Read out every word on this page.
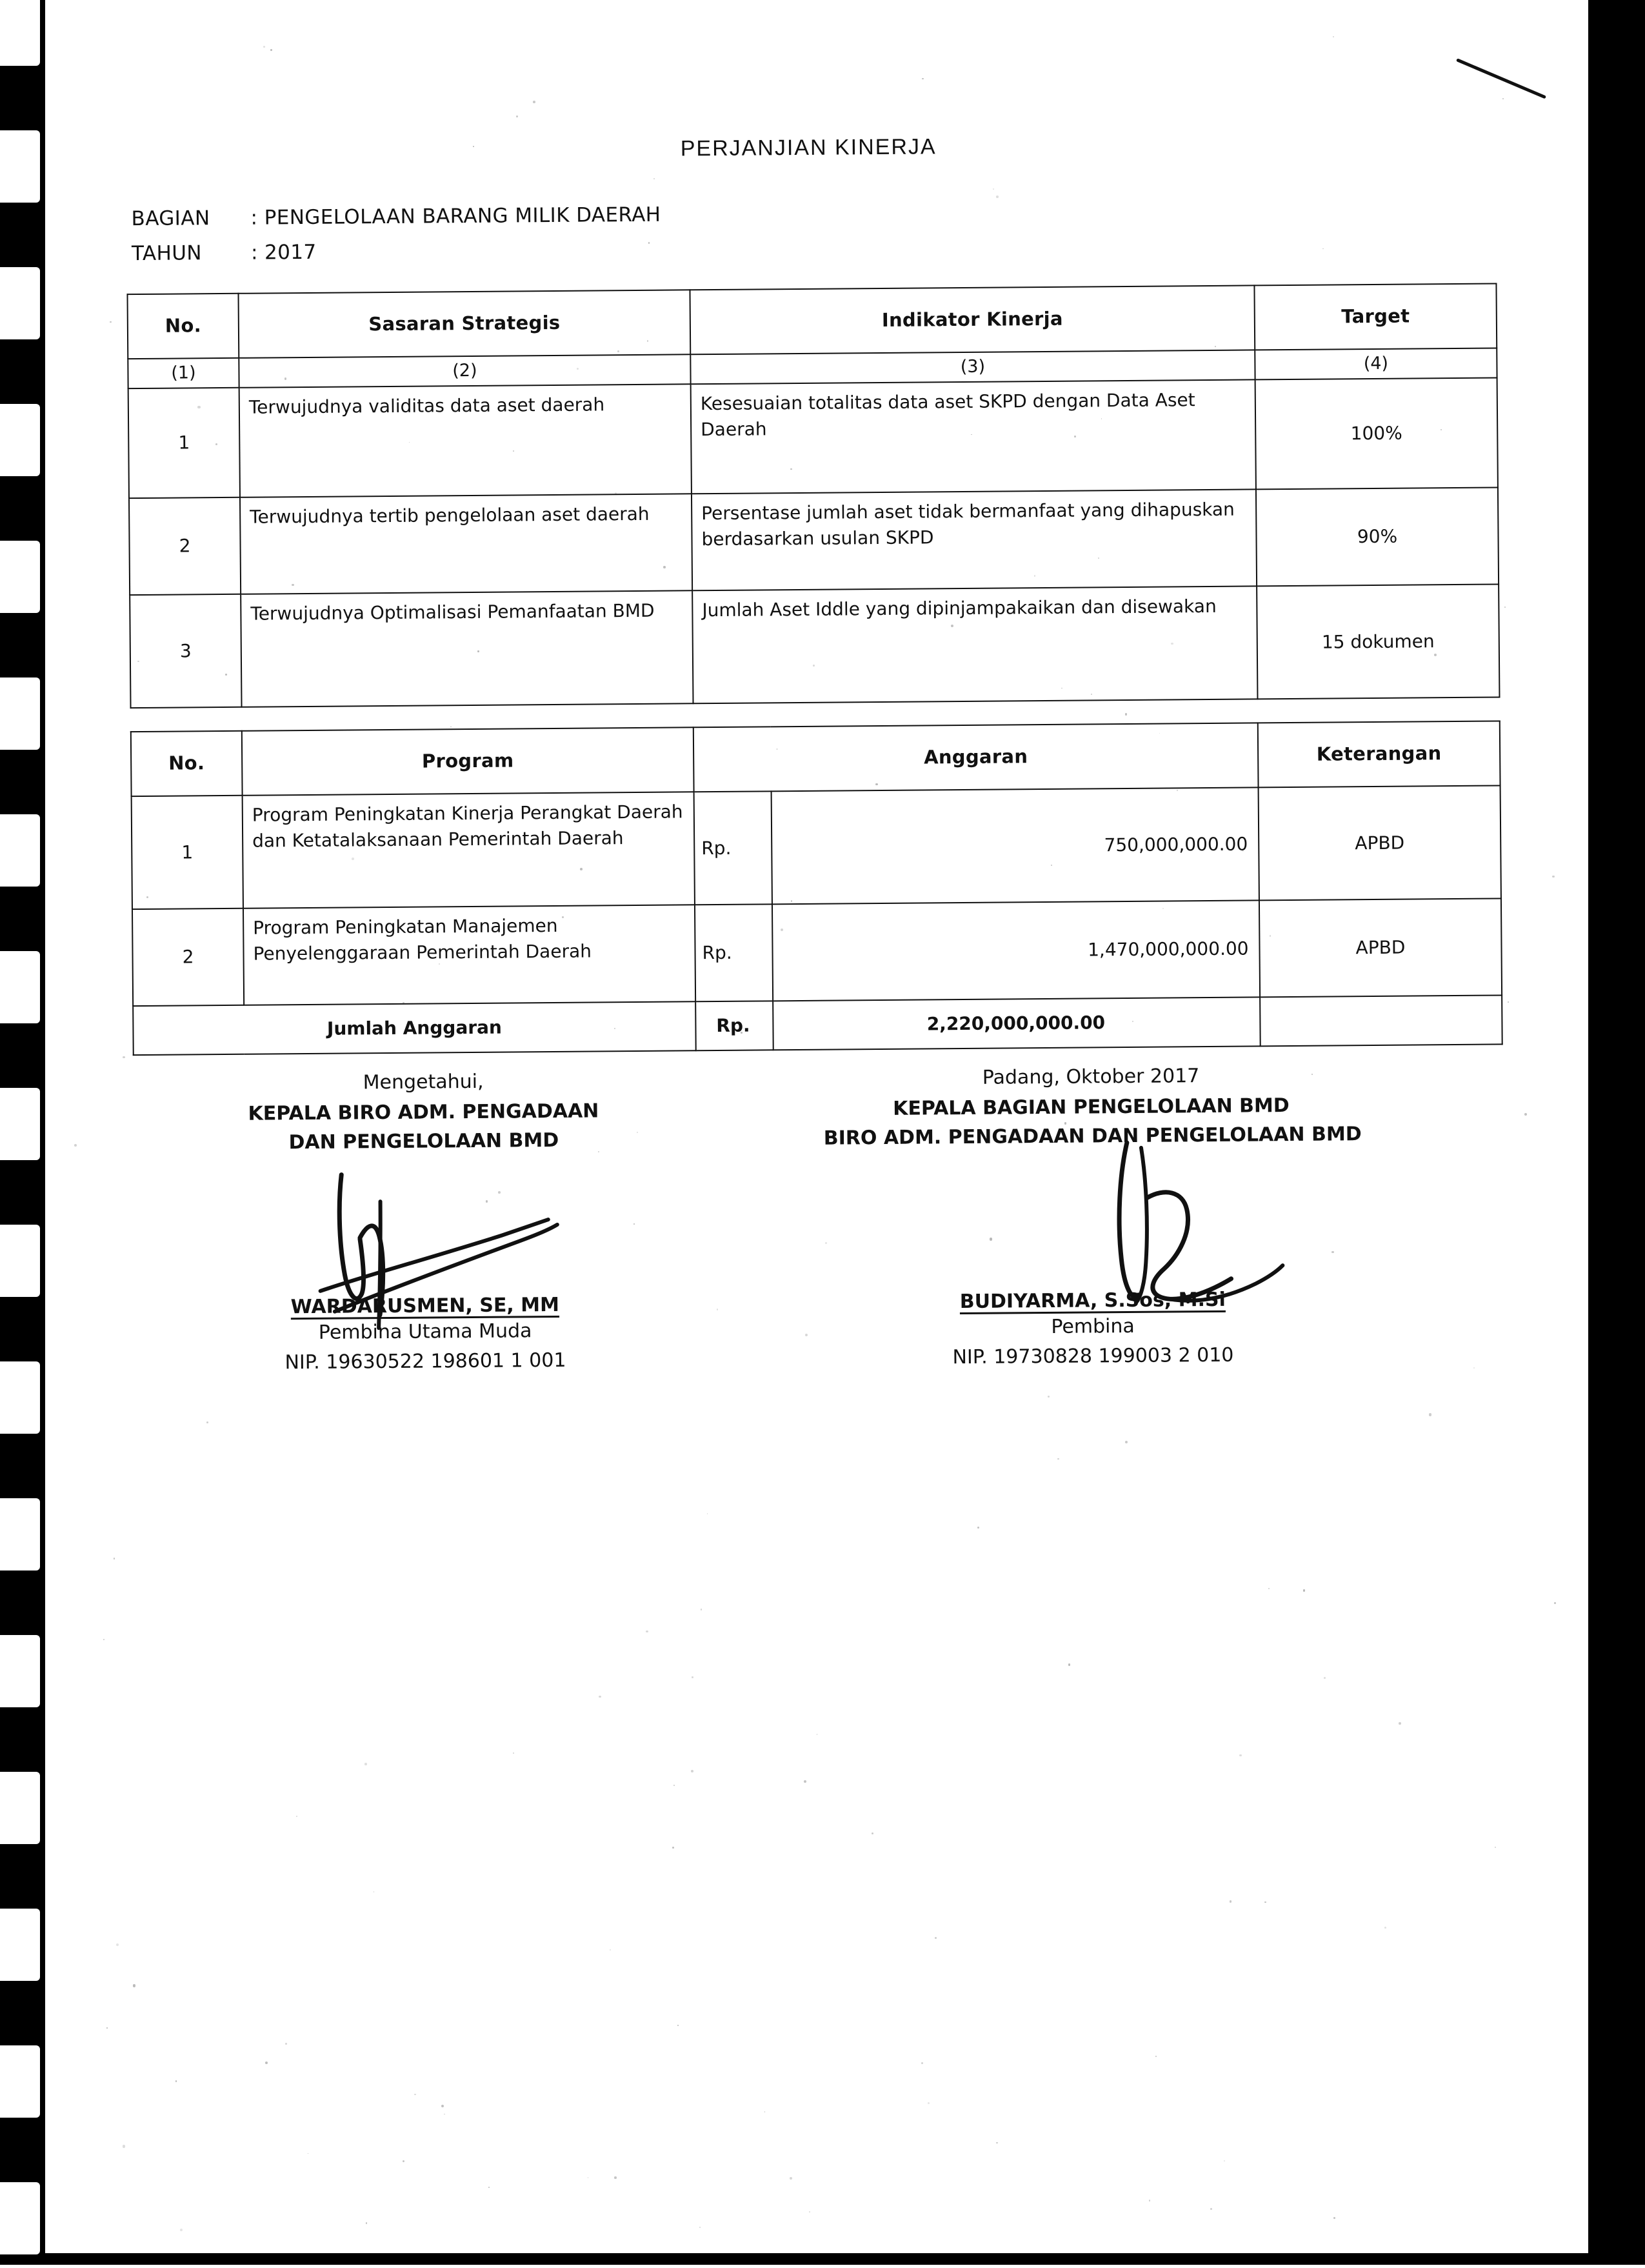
PERJANJIAN KINERJA
BAGIAN : PENGELOLAAN BARANG MILIK DAERAH
TAHUN : 2017
No.	Sasaran Strategis	Indikator Kinerja	Target
(1)	(2)	(3)	(4)
1	Terwujudnya validitas data aset daerah	Kesesuaian totalitas data aset SKPD dengan Data Aset Daerah	100%
2	Terwujudnya tertib pengelolaan aset daerah	Persentase jumlah aset tidak bermanfaat yang dihapuskan berdasarkan usulan SKPD	90%
3	Terwujudnya Optimalisasi Pemanfaatan BMD	Jumlah Aset Iddle yang dipinjampakaikan dan disewakan	15 dokumen
No.	Program	Anggaran		Keterangan
1	Program Peningkatan Kinerja Perangkat Daerah dan Ketatalaksanaan Pemerintah Daerah	Rp.	750,000,000.00	APBD
2	Program Peningkatan Manajemen Penyelenggaraan Pemerintah Daerah	Rp.	1,470,000,000.00	APBD
Jumlah Anggaran		Rp.	2,220,000,000.00	
Mengetahui,
KEPALA BIRO ADM. PENGADAAN
DAN PENGELOLAAN BMD
WARDARUSMEN, SE, MM
Pembina Utama Muda
NIP. 19630522 198601 1 001
Padang, Oktober 2017
KEPALA BAGIAN PENGELOLAAN BMD
BIRO ADM. PENGADAAN DAN PENGELOLAAN BMD
BUDIYARMA, S.Sos, M.Si
Pembina
NIP. 19730828 199003 2 010
